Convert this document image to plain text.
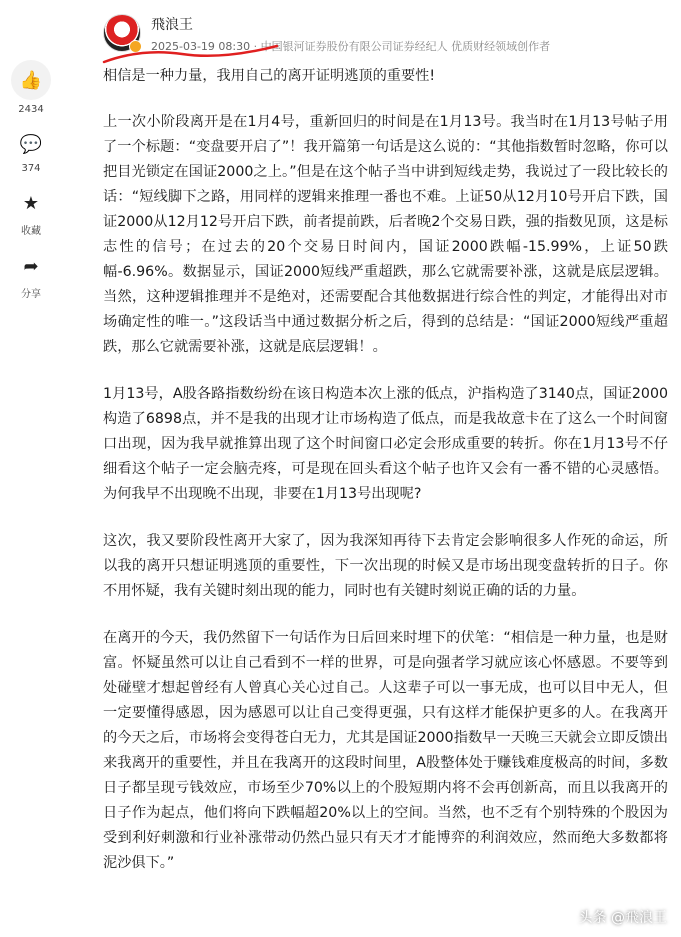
👍
2434
💬
374
★
收藏
➦
分享
飛浪王
2025-03-19 08:30 · 中国银河证券股份有限公司证券经纪人 优质财经领域创作者

相信是一种力量，我用自己的离开证明逃顶的重要性!

上一次小阶段离开是在1月4号，重新回归的时间是在1月13号。我当时在1月13号帖子用了一个标题：“变盘要开启了”！我开篇第一句话是这么说的：“其他指数暂时忽略，你可以把目光锁定在国证2000之上。”但是在这个帖子当中讲到短线走势，我说过了一段比较长的话：“短线脚下之路，用同样的逻辑来推理一番也不难。上证50从12月10号开启下跌，国证2000从12月12号开启下跌，前者提前跌，后者晚2个交易日跌，强的指数见顶，这是标志性的信号；在过去的20个交易日时间内，国证2000跌幅-15.99%，上证50跌幅-6.96%。数据显示，国证2000短线严重超跌，那么它就需要补涨，这就是底层逻辑。当然，这种逻辑推理并不是绝对，还需要配合其他数据进行综合性的判定，才能得出对市场确定性的唯一。”这段话当中通过数据分析之后，得到的总结是：“国证2000短线严重超跌，那么它就需要补涨，这就是底层逻辑！。

1月13号，A股各路指数纷纷在该日构造本次上涨的低点，沪指构造了3140点，国证2000构造了6898点，并不是我的出现才让市场构造了低点，而是我故意卡在了这么一个时间窗口出现，因为我早就推算出现了这个时间窗口必定会形成重要的转折。你在1月13号不仔细看这个帖子一定会脑壳疼，可是现在回头看这个帖子也许又会有一番不错的心灵感悟。为何我早不出现晚不出现，非要在1月13号出现呢?

这次，我又要阶段性离开大家了，因为我深知再待下去肯定会影响很多人作死的命运，所以我的离开只想证明逃顶的重要性，下一次出现的时候又是市场出现变盘转折的日子。你不用怀疑，我有关键时刻出现的能力，同时也有关键时刻说正确的话的力量。

在离开的今天，我仍然留下一句话作为日后回来时埋下的伏笔：“相信是一种力量，也是财富。怀疑虽然可以让自己看到不一样的世界，可是向强者学习就应该心怀感恩。不要等到处碰壁才想起曾经有人曾真心关心过自己。人这辈子可以一事无成，也可以目中无人，但一定要懂得感恩，因为感恩可以让自己变得更强，只有这样才能保护更多的人。在我离开的今天之后，市场将会变得苍白无力，尤其是国证2000指数早一天晚三天就会立即反馈出来我离开的重要性，并且在我离开的这段时间里，A股整体处于赚钱难度极高的时间，多数日子都呈现亏钱效应，市场至少70%以上的个股短期内将不会再创新高，而且以我离开的日子作为起点，他们将向下跌幅超20%以上的空间。当然，也不乏有个别特殊的个股因为受到利好刺激和行业补涨带动仍然凸显只有天才才能博弈的利润效应，然而绝大多数都将泥沙俱下。”

头条 @飛浪王
